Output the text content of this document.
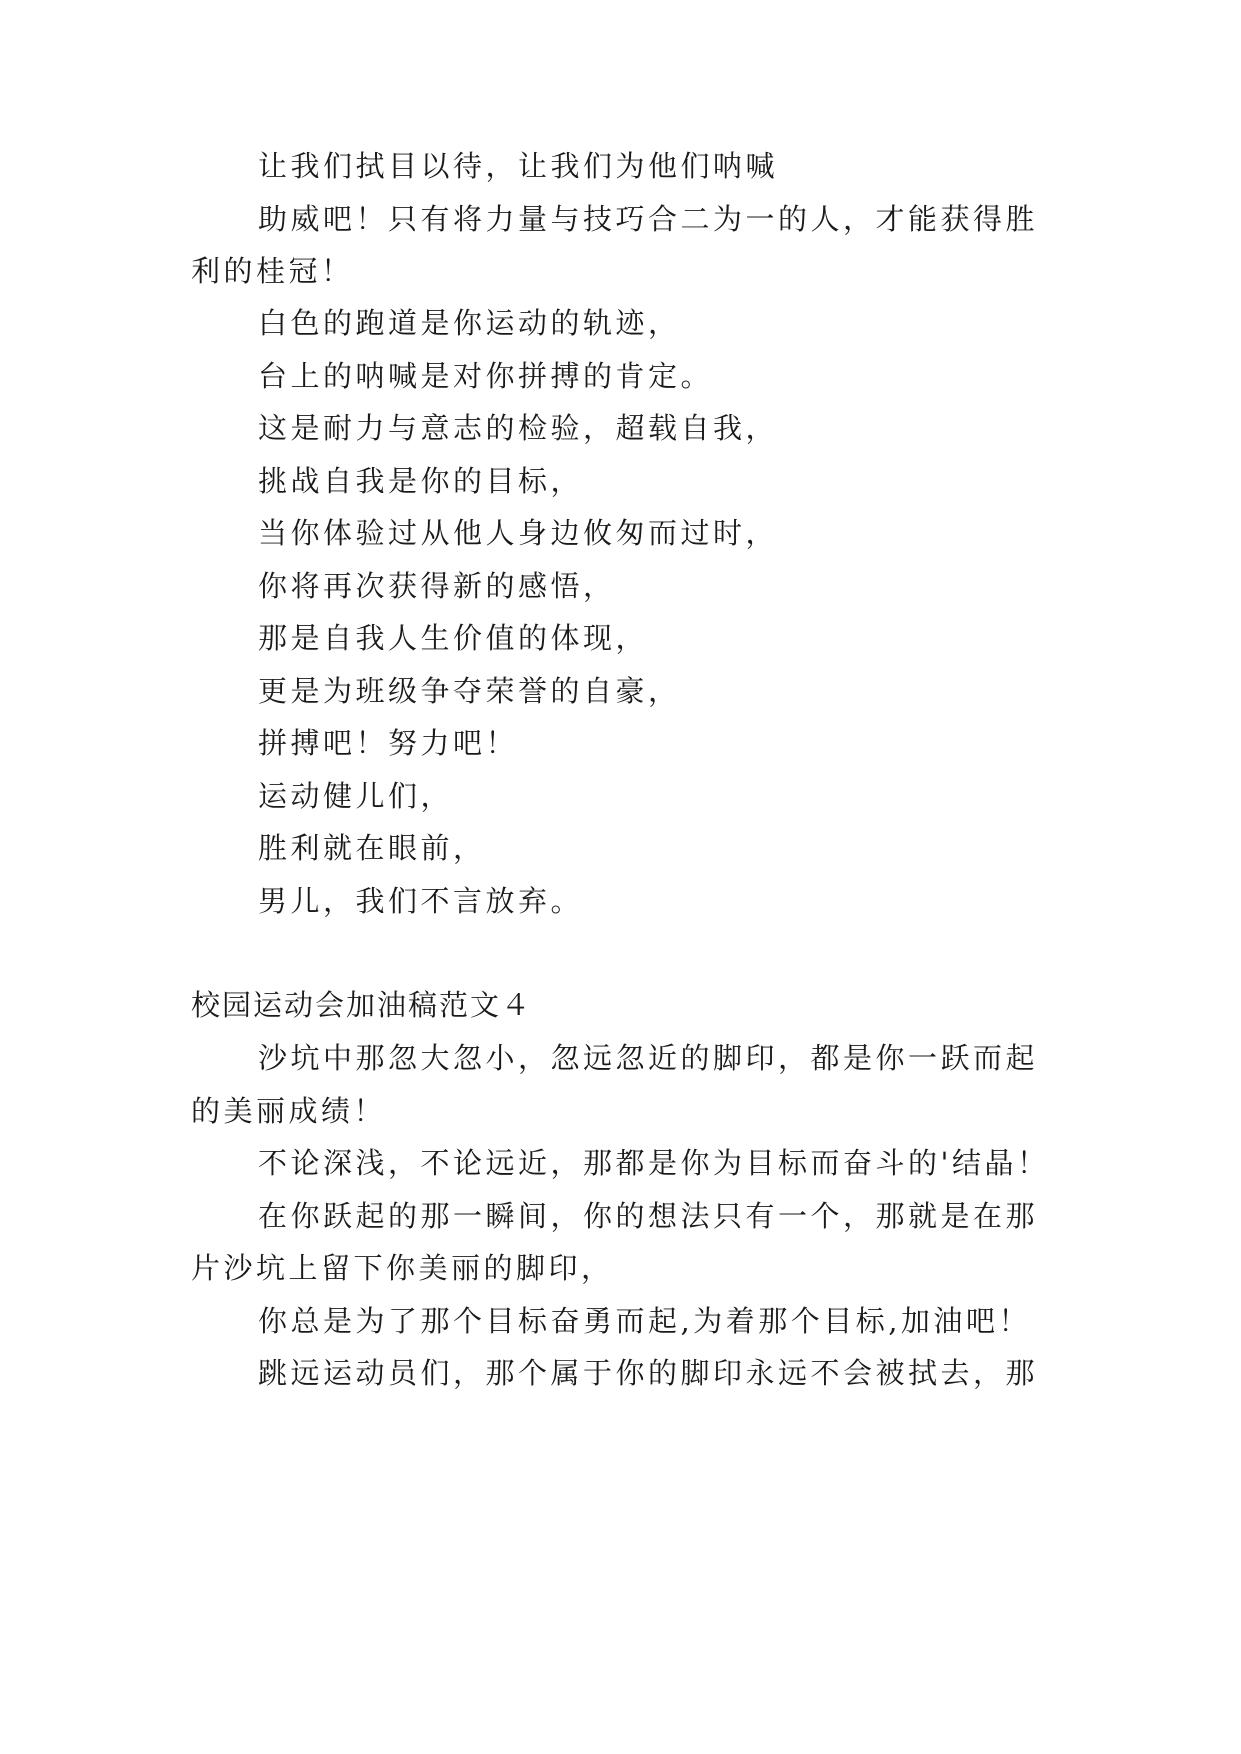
让我们拭目以待，让我们为他们呐喊
助威吧！只有将力量与技巧合二为一的人，才能获得胜
利的桂冠！
白色的跑道是你运动的轨迹，
台上的呐喊是对你拼搏的肯定。
这是耐力与意志的检验，超载自我，
挑战自我是你的目标，
当你体验过从他人身边攸匆而过时，
你将再次获得新的感悟，
那是自我人生价值的体现，
更是为班级争夺荣誉的自豪，
拼搏吧！努力吧！
运动健儿们，
胜利就在眼前，
男儿，我们不言放弃。
校园运动会加油稿范文４
沙坑中那忽大忽小，忽远忽近的脚印，都是你一跃而起
的美丽成绩！
不论深浅，不论远近，那都是你为目标而奋斗的'结晶！
在你跃起的那一瞬间，你的想法只有一个，那就是在那
片沙坑上留下你美丽的脚印，
你总是为了那个目标奋勇而起,为着那个目标,加油吧！
跳远运动员们，那个属于你的脚印永远不会被拭去，那
